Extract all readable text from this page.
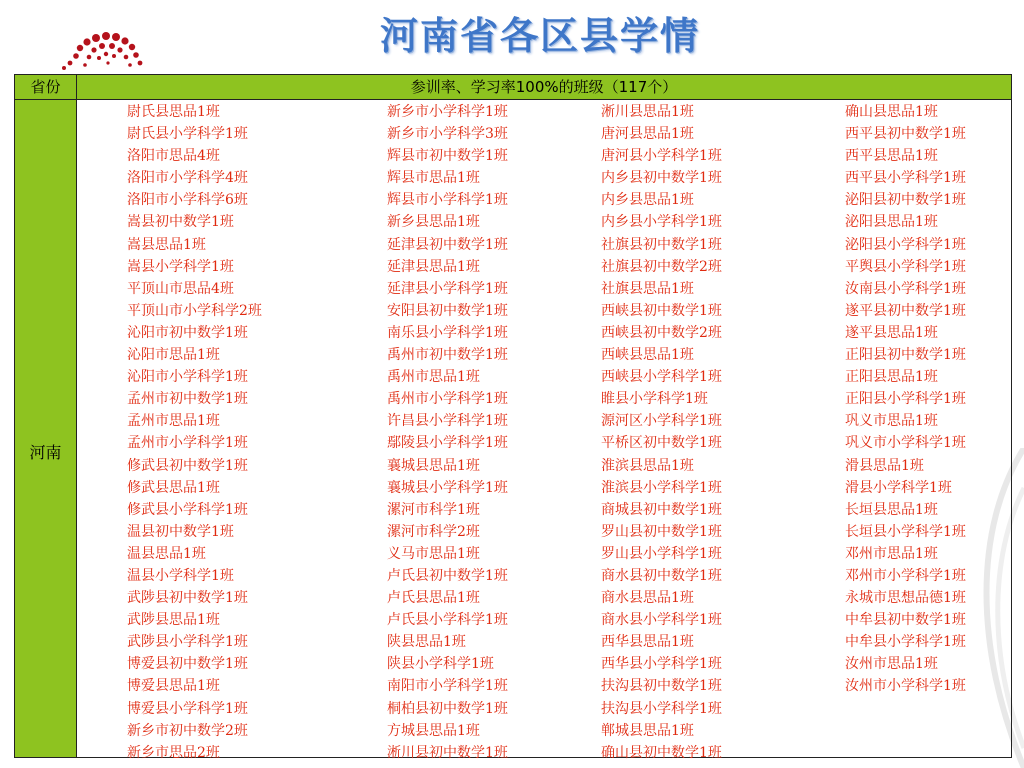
河南省各区县学情
省份	参训率、学习率100%的班级（117个）
河南
尉氏县思品1班
尉氏县小学科学1班
洛阳市思品4班
洛阳市小学科学4班
洛阳市小学科学6班
嵩县初中数学1班
嵩县思品1班
嵩县小学科学1班
平顶山市思品4班
平顶山市小学科学2班
沁阳市初中数学1班
沁阳市思品1班
沁阳市小学科学1班
孟州市初中数学1班
孟州市思品1班
孟州市小学科学1班
修武县初中数学1班
修武县思品1班
修武县小学科学1班
温县初中数学1班
温县思品1班
温县小学科学1班
武陟县初中数学1班
武陟县思品1班
武陟县小学科学1班
博爱县初中数学1班
博爱县思品1班
博爱县小学科学1班
新乡市初中数学2班
新乡市思品2班
新乡市小学科学1班
新乡市小学科学3班
辉县市初中数学1班
辉县市思品1班
辉县市小学科学1班
新乡县思品1班
延津县初中数学1班
延津县思品1班
延津县小学科学1班
安阳县初中数学1班
南乐县小学科学1班
禹州市初中数学1班
禹州市思品1班
禹州市小学科学1班
许昌县小学科学1班
鄢陵县小学科学1班
襄城县思品1班
襄城县小学科学1班
漯河市科学1班
漯河市科学2班
义马市思品1班
卢氏县初中数学1班
卢氏县思品1班
卢氏县小学科学1班
陕县思品1班
陕县小学科学1班
南阳市小学科学1班
桐柏县初中数学1班
方城县思品1班
淅川县初中数学1班
淅川县思品1班
唐河县思品1班
唐河县小学科学1班
内乡县初中数学1班
内乡县思品1班
内乡县小学科学1班
社旗县初中数学1班
社旗县初中数学2班
社旗县思品1班
西峡县初中数学1班
西峡县初中数学2班
西峡县思品1班
西峡县小学科学1班
睢县小学科学1班
源河区小学科学1班
平桥区初中数学1班
淮滨县思品1班
淮滨县小学科学1班
商城县初中数学1班
罗山县初中数学1班
罗山县小学科学1班
商水县初中数学1班
商水县思品1班
商水县小学科学1班
西华县思品1班
西华县小学科学1班
扶沟县初中数学1班
扶沟县小学科学1班
郸城县思品1班
确山县初中数学1班
确山县思品1班
西平县初中数学1班
西平县思品1班
西平县小学科学1班
泌阳县初中数学1班
泌阳县思品1班
泌阳县小学科学1班
平舆县小学科学1班
汝南县小学科学1班
遂平县初中数学1班
遂平县思品1班
正阳县初中数学1班
正阳县思品1班
正阳县小学科学1班
巩义市思品1班
巩义市小学科学1班
滑县思品1班
滑县小学科学1班
长垣县思品1班
长垣县小学科学1班
邓州市思品1班
邓州市小学科学1班
永城市思想品德1班
中牟县初中数学1班
中牟县小学科学1班
汝州市思品1班
汝州市小学科学1班
